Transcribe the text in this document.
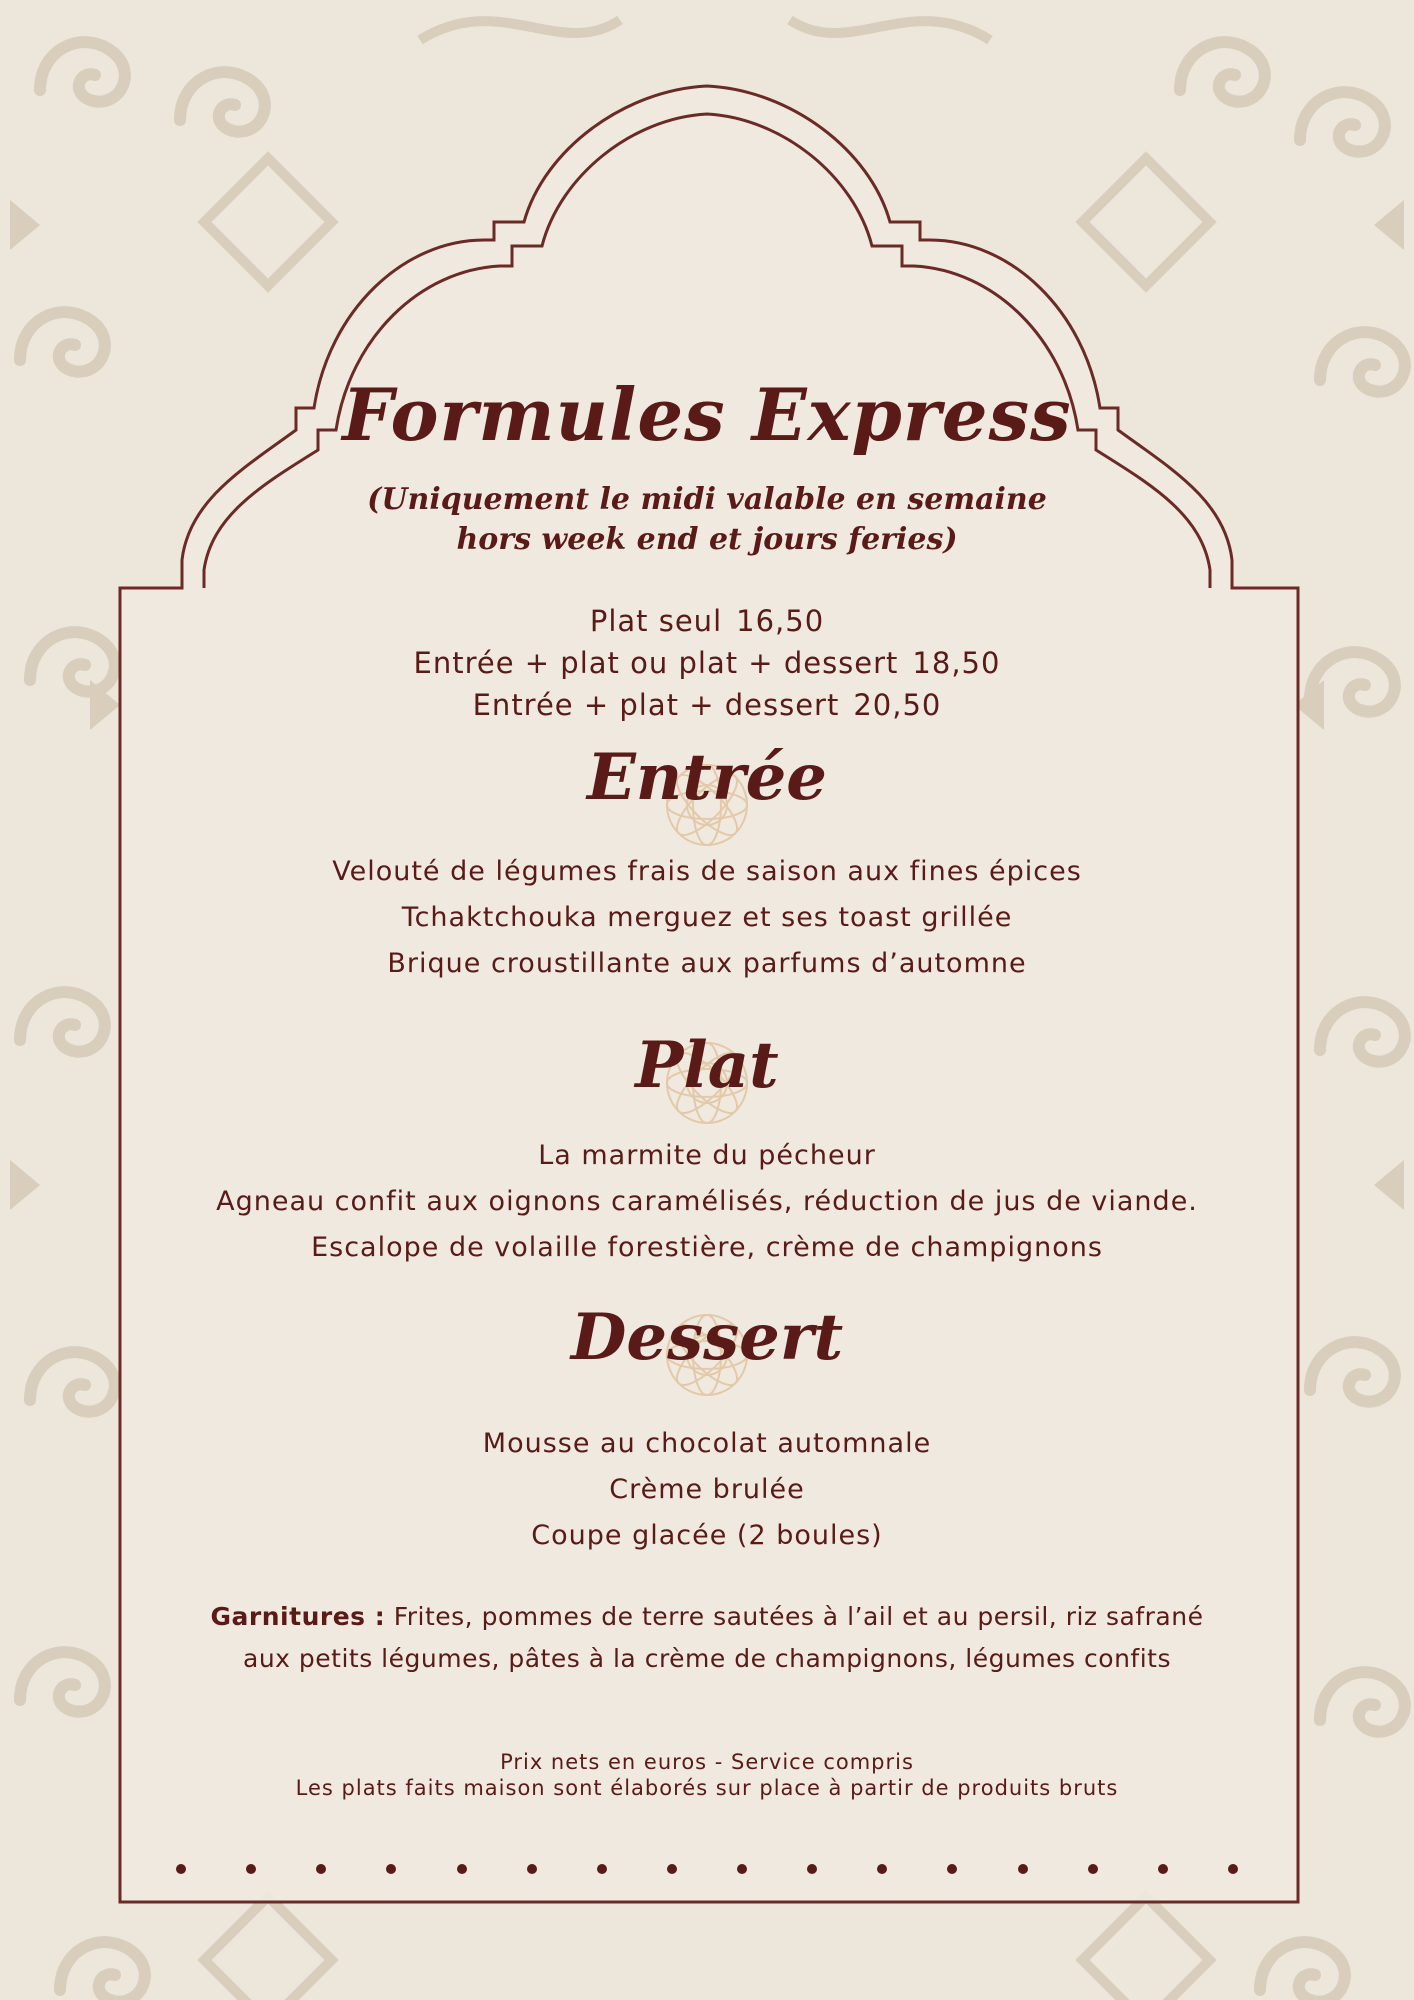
Formules Express
(Uniquement le midi valable en semaine
hors week end et jours feries)
Plat seul 16,50
Entrée + plat ou plat + dessert 18,50
Entrée + plat + dessert 20,50
Entrée
Velouté de légumes frais de saison aux fines épices
Tchaktchouka merguez et ses toast grillée
Brique croustillante aux parfums d’automne
Plat
La marmite du pécheur
Agneau confit aux oignons caramélisés, réduction de jus de viande.
Escalope de volaille forestière, crème de champignons
Dessert
Mousse au chocolat automnale
Crème brulée
Coupe glacée (2 boules)
Garnitures : Frites, pommes de terre sautées à l’ail et au persil, riz safrané
aux petits légumes, pâtes à la crème de champignons, légumes confits
Prix nets en euros - Service compris
Les plats faits maison sont élaborés sur place à partir de produits bruts
